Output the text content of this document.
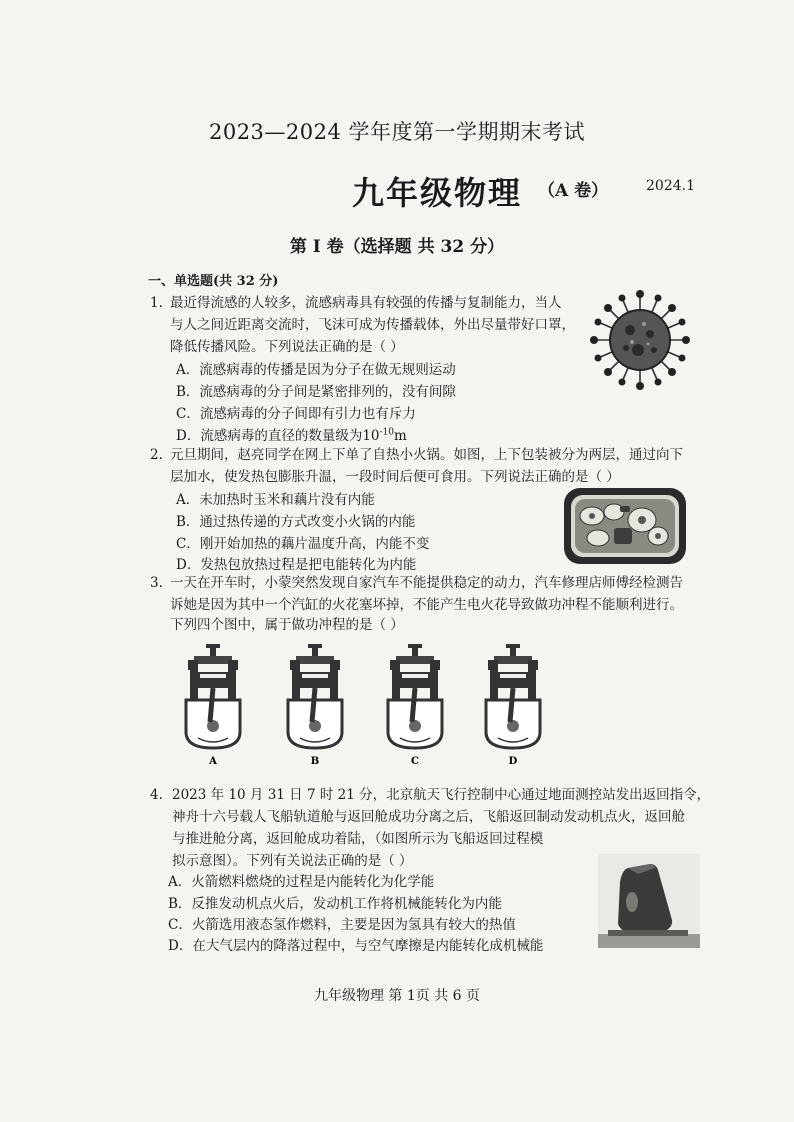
2023—2024 学年度第一学期期末考试
九年级物理 （A 卷）	2024.1
第 I 卷（选择题 共 32 分）
一、单选题(共 32 分)
1. 最近得流感的人较多，流感病毒具有较强的传播与复制能力，当人
与人之间近距离交流时，飞沫可成为传播载体，外出尽量带好口罩，
降低传播风险。下列说法正确的是（ ）
A．流感病毒的传播是因为分子在做无规则运动
B．流感病毒的分子间是紧密排列的，没有间隙
C．流感病毒的分子间即有引力也有斥力
D．流感病毒的直径的数量级为$10^{-10}m$
2. 元旦期间，赵亮同学在网上下单了自热小火锅。如图，上下包装被分为两层，通过向下
层加水，使发热包膨胀升温，一段时间后便可食用。下列说法正确的是（ ）
A．未加热时玉米和藕片没有内能
B．通过热传递的方式改变小火锅的内能
C．刚开始加热的藕片温度升高，内能不变
D．发热包放热过程是把电能转化为内能
3. 一天在开车时，小蒙突然发现自家汽车不能提供稳定的动力，汽车修理店师傅经检测告
诉她是因为其中一个汽缸的火花塞坏掉，不能产生电火花导致做功冲程不能顺利进行。
下列四个图中，属于做功冲程的是（ ）
A	B	C	D
4. 2023 年 10 月 31 日 7 时 21 分，北京航天飞行控制中心通过地面测控站发出返回指令，
神舟十六号载人飞船轨道舱与返回舱成功分离之后，飞船返回制动发动机点火，返回舱
与推进舱分离，返回舱成功着陆，（如图所示为飞船返回过程模
拟示意图）。下列有关说法正确的是（ ）
A．火箭燃料燃烧的过程是内能转化为化学能
B．反推发动机点火后，发动机工作将机械能转化为内能
C．火箭选用液态氢作燃料，主要是因为氢具有较大的热值
D．在大气层内的降落过程中，与空气摩擦是内能转化成机械能
九年级物理 第 1页 共 6 页
